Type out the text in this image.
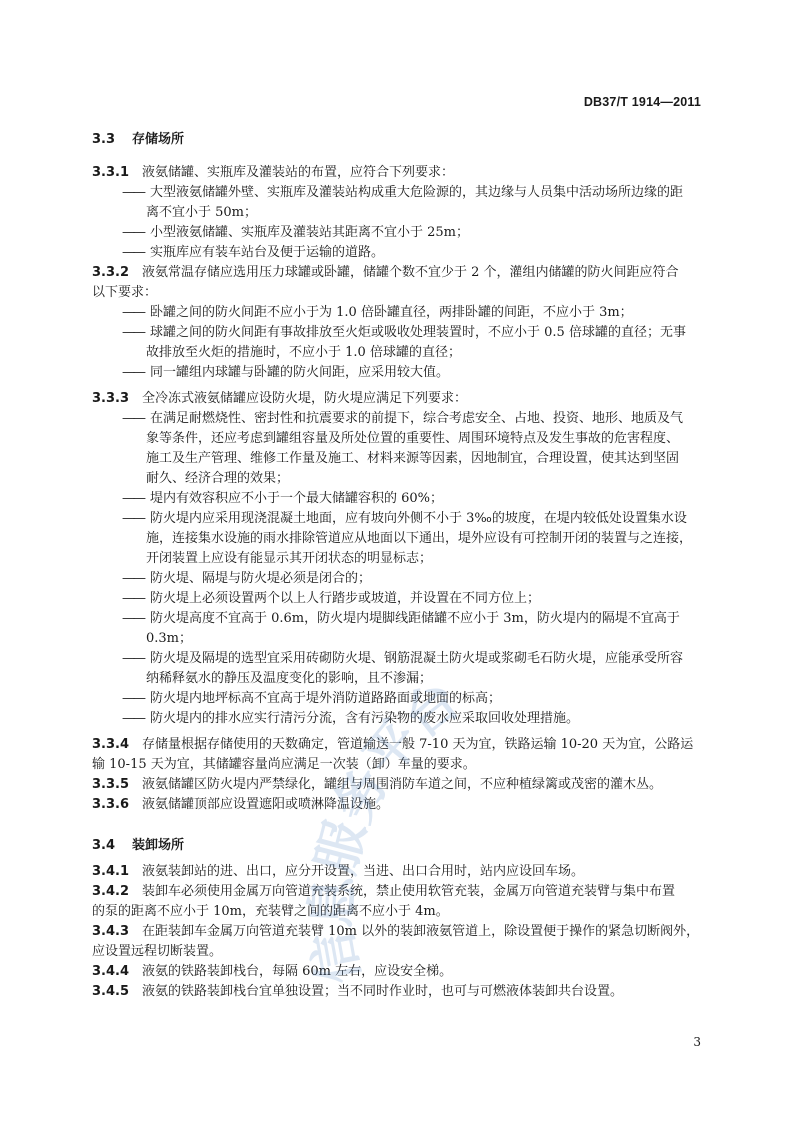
DB37/T 1914—2011
3.3 存储场所
3.3.1 液氨储罐、实瓶库及灌装站的布置，应符合下列要求：
—— 大型液氨储罐外壁、实瓶库及灌装站构成重大危险源的，其边缘与人员集中活动场所边缘的距
离不宜小于 50m；
—— 小型液氨储罐、实瓶库及灌装站其距离不宜小于 25m；
—— 实瓶库应有装车站台及便于运输的道路。
3.3.2 液氨常温存储应选用压力球罐或卧罐，储罐个数不宜少于 2 个，灌组内储罐的防火间距应符合
以下要求：
—— 卧罐之间的防火间距不应小于为 1.0 倍卧罐直径，两排卧罐的间距，不应小于 3m；
—— 球罐之间的防火间距有事故排放至火炬或吸收处理装置时，不应小于 0.5 倍球罐的直径；无事
故排放至火炬的措施时，不应小于 1.0 倍球罐的直径；
—— 同一罐组内球罐与卧罐的防火间距，应采用较大值。
3.3.3 全冷冻式液氨储罐应设防火堤，防火堤应满足下列要求：
—— 在满足耐燃烧性、密封性和抗震要求的前提下，综合考虑安全、占地、投资、地形、地质及气
象等条件，还应考虑到罐组容量及所处位置的重要性、周围环境特点及发生事故的危害程度、
施工及生产管理、维修工作量及施工、材料来源等因素，因地制宜，合理设置，使其达到坚固
耐久、经济合理的效果；
—— 堤内有效容积应不小于一个最大储罐容积的 60%；
—— 防火堤内应采用现浇混凝土地面，应有坡向外侧不小于 3‰的坡度，在堤内较低处设置集水设
施，连接集水设施的雨水排除管道应从地面以下通出，堤外应设有可控制开闭的装置与之连接，
开闭装置上应设有能显示其开闭状态的明显标志；
—— 防火堤、隔堤与防火堤必须是闭合的；
—— 防火堤上必须设置两个以上人行踏步或坡道，并设置在不同方位上；
—— 防火堤高度不宜高于 0.6m，防火堤内堤脚线距储罐不应小于 3m，防火堤内的隔堤不宜高于
0.3m；
—— 防火堤及隔堤的选型宜采用砖砌防火堤、钢筋混凝土防火堤或浆砌毛石防火堤，应能承受所容
纳稀释氨水的静压及温度变化的影响，且不渗漏；
—— 防火堤内地坪标高不宜高于堤外消防道路路面或地面的标高；
—— 防火堤内的排水应实行清污分流，含有污染物的废水应采取回收处理措施。
3.3.4 存储量根据存储使用的天数确定，管道输送一般 7-10 天为宜，铁路运输 10-20 天为宜，公路运
输 10-15 天为宜，其储罐容量尚应满足一次装（卸）车量的要求。
3.3.5 液氨储罐区防火堤内严禁绿化，罐组与周围消防车道之间，不应种植绿篱或茂密的灌木丛。
3.3.6 液氨储罐顶部应设置遮阳或喷淋降温设施。
3.4.1 液氨装卸站的进、出口，应分开设置，当进、出口合用时，站内应设回车场。
3.4.2 装卸车必须使用金属万向管道充装系统，禁止使用软管充装，金属万向管道充装臂与集中布置
的泵的距离不应小于 10m，充装臂之间的距离不应小于 4m。
3.4.3 在距装卸车金属万向管道充装臂 10m 以外的装卸液氨管道上，除设置便于操作的紧急切断阀外，
应设置远程切断装置。
3.4.4 液氨的铁路装卸栈台，每隔 60m 左右，应设安全梯。
3.4.5 液氨的铁路装卸栈台宜单独设置；当不同时作业时，也可与可燃液体装卸共台设置。
3.4 装卸场所
信息服务平台
3
